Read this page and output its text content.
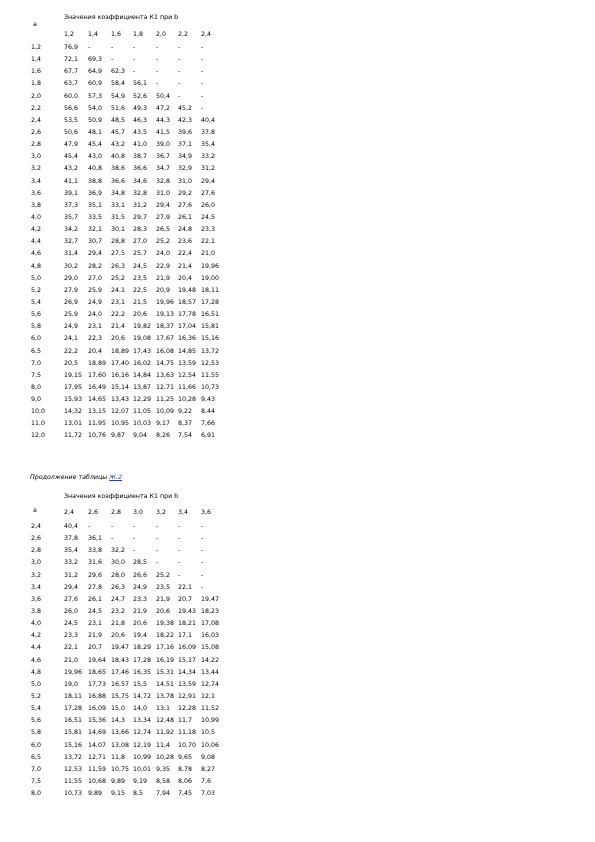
a
Значения коэффициента К1 при b
1,2 1,4 1,6 1,8 2,0 2,2 2,4
1,2	76,9 -	-	-	-	-	-
1,4	72,1 69,3 -	-	-	-	-
1,6	67,7 64,9 62,3 -	-	-	-
1,8	63,7 60,9 58,4 56,1 -	-	-
2,0	60,0 57,3 54,9 52,6 50,4 -	-
2,2	56,6 54,0 51,6 49,3 47,2 45,2 -
2,4	53,5 50,9 48,5 46,3 44,3 42,3 40,4
2,6	50,6 48,1 45,7 43,5 41,5 39,6 37,8
2,8	47,9 45,4 43,2 41,0 39,0 37,1 35,4
3,0	45,4 43,0 40,8 38,7 36,7 34,9 33,2
3,2	43,2 40,8 38,6 36,6 34,7 32,9 31,2
3,4	41,1 38,8 36,6 34,6 32,8 31,0 29,4
3,6	39,1 36,9 34,8 32,8 31,0 29,2 27,6
3,8	37,3 35,1 33,1 31,2 29,4 27,6 26,0
4,0	35,7 33,5 31,5 29,7 27,9 26,1 24,5
4,2	34,2 32,1 30,1 28,3 26,5 24,8 23,3
4,4	32,7 30,7 28,8 27,0 25,2 23,6 22,1
4,6	31,4 29,4 27,5 25,7 24,0 22,4 21,0
4,8	30,2 28,2 26,3 24,5 22,9 21,4 19,96
5,0	29,0 27,0 25,2 23,5 21,9 20,4 19,00
5,2	27,9 25,9 24,1 22,5 20,9 19,48 18,11
5,4	26,9 24,9 23,1 21,5 19,96 18,57 17,28
5,6	25,9 24,0 22,2 20,6 19,13 17,78 16,51
5,8	24,9 23,1 21,4 19,82 18,37 17,04 15,81
6,0	24,1 22,3 20,6 19,08 17,67 16,36 15,16
6,5	22,2 20,4 18,89 17,43 16,08 14,85 13,72
7,0	20,5 18,89 17,40 16,02 14,75 13,59 12,53
7,5	19,15 17,60 16,16 14,84 13,63 12,54 11,55
8,0	17,95 16,49 15,14 13,87 12,71 11,66 10,73
9,0	15,93 14,65 13,43 12,29 11,25 10,28 9,43
10,0	14,32 13,15 12,07 11,05 10,09 9,22 8,44
11,0	13,01 11,95 10,95 10,03 9,17 8,37 7,66
12,0	11,72 10,76 9,87 9,04 8,26 7,54 6,91
Продолжение таблицы Ж.2
a
Значения коэффициента К1 при b
2,4 2,6 2,8 3,0 3,2 3,4 3,6
2,4	40,4 -	-	-	-	-	-
2,6	37,8 36,1 -	-	-	-	-
2,8	35,4 33,8 32,2 -	-	-	-
3,0	33,2 31,6 30,0 28,5 -	-	-
3,2	31,2 29,6 28,0 26,6 25,2 -	-
3,4	29,4 27,8 26,3 24,9 23,5 22,1 -
3,6	27,6 26,1 24,7 23,3 21,9 20,7 19,47
3,8	26,0 24,5 23,2 21,9 20,6 19,43 18,23
4,0	24,5 23,1 21,8 20,6 19,38 18,21 17,08
4,2	23,3 21,9 20,6 19,4 18,22 17,1 16,03
4,4	22,1 20,7 19,47 18,29 17,16 16,09 15,08
4,6	21,0 19,64 18,43 17,28 16,19 15,17 14,22
4,8	19,96 18,65 17,46 16,35 15,31 14,34 13,44
5,0	19,0 17,73 16,57 15,5 14,51 13,59 12,74
5,2	18,11 16,88 15,75 14,72 13,78 12,91 12,1
5,4	17,28 16,09 15,0 14,0 13,1 12,28 11,52
5,6	16,51 15,36 14,3 13,34 12,48 11,7 10,99
5,8	15,81 14,69 13,66 12,74 11,92 11,18 10,5
6,0	15,16 14,07 13,08 12,19 11,4 10,70 10,06
6,5	13,72 12,71 11,8 10,99 10,28 9,65 9,08
7,0	12,53 11,59 10,75 10,01 9,35 8,78 8,27
7,5	11,55 10,68 9,89 9,19 8,58 8,06 7,6
8,0	10,73 9,89 9,15 8,5 7,94 7,45 7,03
